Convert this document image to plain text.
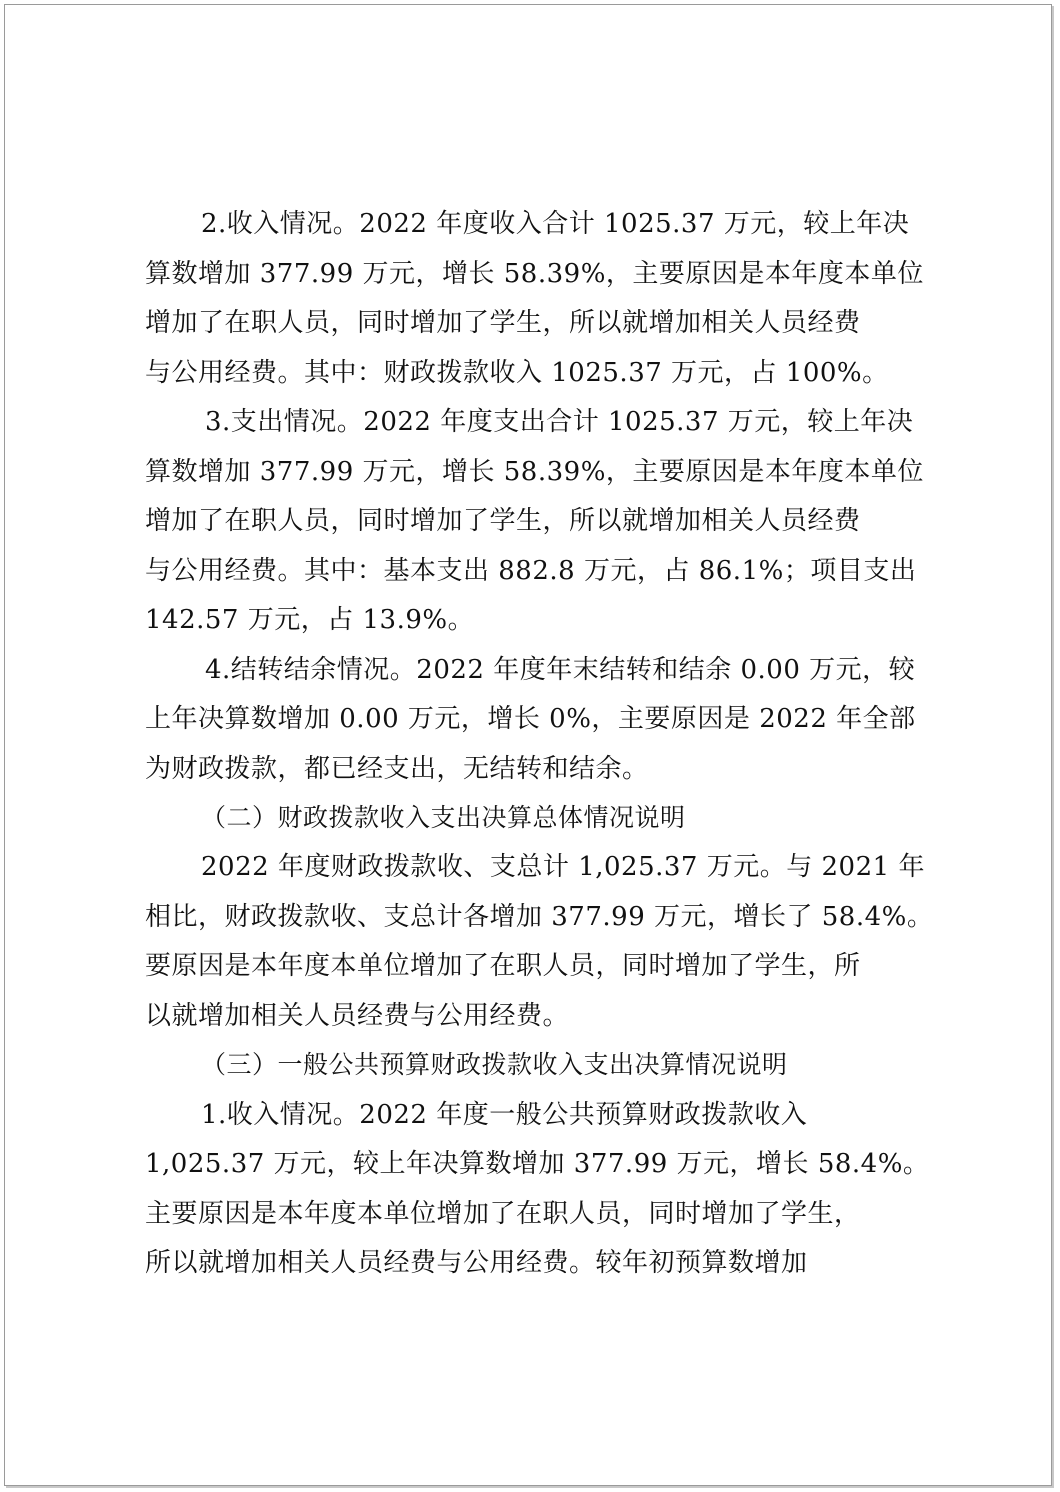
2.收入情况。2022 年度收入合计 1025.37 万元，较上年决
算数增加 377.99 万元，增长 58.39%，主要原因是本年度本单位
增加了在职人员，同时增加了学生，所以就增加相关人员经费
与公用经费。其中：财政拨款收入 1025.37 万元，占 100%。
3.支出情况。2022 年度支出合计 1025.37 万元，较上年决
算数增加 377.99 万元，增长 58.39%，主要原因是本年度本单位
增加了在职人员，同时增加了学生，所以就增加相关人员经费
与公用经费。其中：基本支出 882.8 万元，占 86.1%；项目支出
142.57 万元，占 13.9%。
4.结转结余情况。2022 年度年末结转和结余 0.00 万元，较
上年决算数增加 0.00 万元，增长 0%，主要原因是 2022 年全部
为财政拨款，都已经支出，无结转和结余。
（二）财政拨款收入支出决算总体情况说明
2022 年度财政拨款收、支总计 1,025.37 万元。与 2021 年
相比，财政拨款收、支总计各增加 377.99 万元，增长了 58.4%。
要原因是本年度本单位增加了在职人员，同时增加了学生，所
以就增加相关人员经费与公用经费。
（三）一般公共预算财政拨款收入支出决算情况说明
1.收入情况。2022 年度一般公共预算财政拨款收入
1,025.37 万元，较上年决算数增加 377.99 万元，增长 58.4%。
主要原因是本年度本单位增加了在职人员，同时增加了学生，
所以就增加相关人员经费与公用经费。较年初预算数增加
